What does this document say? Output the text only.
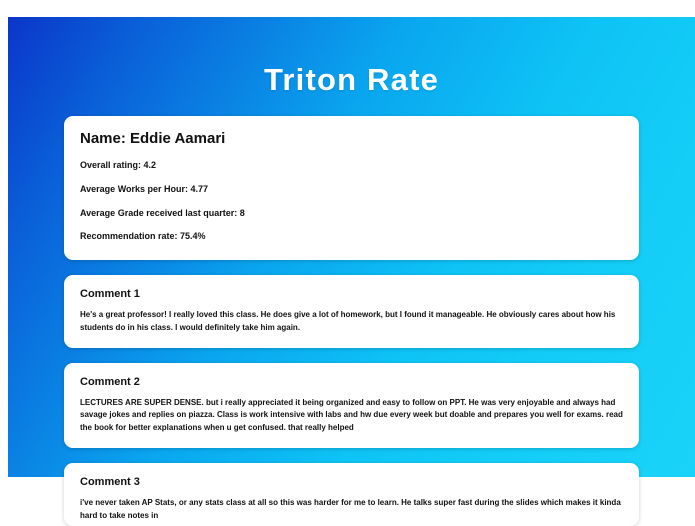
Triton Rate
Name: Eddie Aamari
Overall rating: 4.2
Average Works per Hour: 4.77
Average Grade received last quarter: 8
Recommendation rate: 75.4%
Comment 1
He's a great professor! I really loved this class. He does give a lot of homework, but I found it manageable. He obviously cares about how his students do in his class. I would definitely take him again.
Comment 2
LECTURES ARE SUPER DENSE. but i really appreciated it being organized and easy to follow on PPT. He was very enjoyable and always had savage jokes and replies on piazza. Class is work intensive with labs and hw due every week but doable and prepares you well for exams. read the book for better explanations when u get confused. that really helped
Comment 3
i've never taken AP Stats, or any stats class at all so this was harder for me to learn. He talks super fast during the slides which makes it kinda hard to take notes in
